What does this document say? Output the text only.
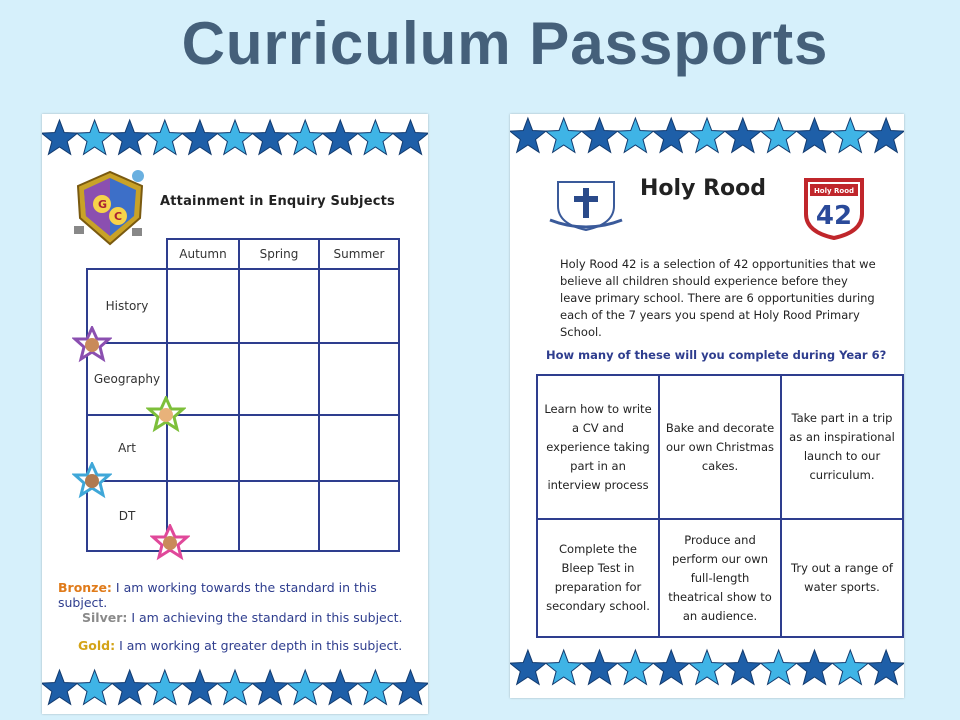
Curriculum Passports
G
C
Attainment in Enquiry Subjects
	Autumn	Spring	Summer
History			
Geography			
Art			
DT			
Bronze: I am working towards the standard in this subject.
Silver: I am achieving the standard in this subject.
Gold: I am working at greater depth in this subject.
Holy Rood	Holy Rood
42
Holy Rood 42 is a selection of 42 opportunities that we believe all children should experience before they leave primary school. There are 6 opportunities during each of the 7 years you spend at Holy Rood Primary School.
How many of these will you complete during Year 6?
Learn how to write a CV and experience taking part in an interview process	Bake and decorate our own Christmas cakes.	Take part in a trip as an inspirational launch to our curriculum.
Complete the Bleep Test in preparation for secondary school.	Produce and perform our own full-length theatrical show to an audience.	Try out a range of water sports.
